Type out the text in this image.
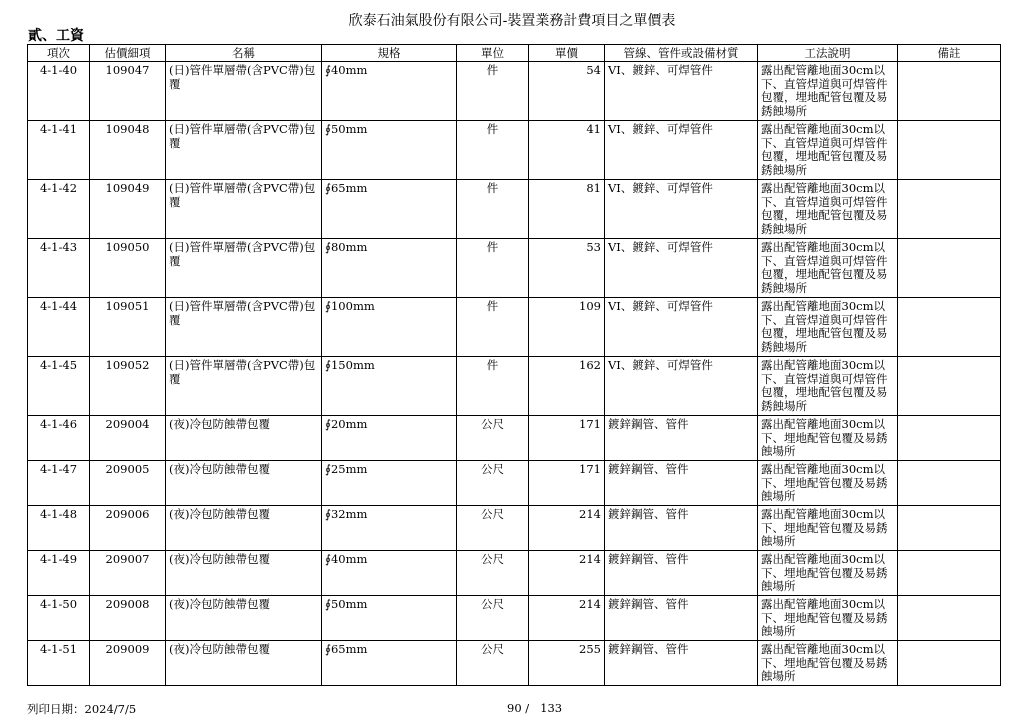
欣泰石油氣股份有限公司-裝置業務計費項目之單價表
貳、工資
項次	估價細項	名稱	規格	單位	單價	管線、管件或設備材質	工法說明	備註
4-1-40	109047	(日)管件單層帶(含PVC帶)包覆	∮40mm	件	54	VI、鍍鋅、可焊管件	露出配管離地面30cm以下、直管焊道與可焊管件包覆，埋地配管包覆及易銹蝕場所	
4-1-41	109048	(日)管件單層帶(含PVC帶)包覆	∮50mm	件	41	VI、鍍鋅、可焊管件	露出配管離地面30cm以下、直管焊道與可焊管件包覆，埋地配管包覆及易銹蝕場所	
4-1-42	109049	(日)管件單層帶(含PVC帶)包覆	∮65mm	件	81	VI、鍍鋅、可焊管件	露出配管離地面30cm以下、直管焊道與可焊管件包覆，埋地配管包覆及易銹蝕場所	
4-1-43	109050	(日)管件單層帶(含PVC帶)包覆	∮80mm	件	53	VI、鍍鋅、可焊管件	露出配管離地面30cm以下、直管焊道與可焊管件包覆，埋地配管包覆及易銹蝕場所	
4-1-44	109051	(日)管件單層帶(含PVC帶)包覆	∮100mm	件	109	VI、鍍鋅、可焊管件	露出配管離地面30cm以下、直管焊道與可焊管件包覆，埋地配管包覆及易銹蝕場所	
4-1-45	109052	(日)管件單層帶(含PVC帶)包覆	∮150mm	件	162	VI、鍍鋅、可焊管件	露出配管離地面30cm以下、直管焊道與可焊管件包覆，埋地配管包覆及易銹蝕場所	
4-1-46	209004	(夜)冷包防蝕帶包覆	∮20mm	公尺	171	鍍鋅鋼管、管件	露出配管離地面30cm以下、埋地配管包覆及易銹蝕場所	
4-1-47	209005	(夜)冷包防蝕帶包覆	∮25mm	公尺	171	鍍鋅鋼管、管件	露出配管離地面30cm以下、埋地配管包覆及易銹蝕場所	
4-1-48	209006	(夜)冷包防蝕帶包覆	∮32mm	公尺	214	鍍鋅鋼管、管件	露出配管離地面30cm以下、埋地配管包覆及易銹蝕場所	
4-1-49	209007	(夜)冷包防蝕帶包覆	∮40mm	公尺	214	鍍鋅鋼管、管件	露出配管離地面30cm以下、埋地配管包覆及易銹蝕場所	
4-1-50	209008	(夜)冷包防蝕帶包覆	∮50mm	公尺	214	鍍鋅鋼管、管件	露出配管離地面30cm以下、埋地配管包覆及易銹蝕場所	
4-1-51	209009	(夜)冷包防蝕帶包覆	∮65mm	公尺	255	鍍鋅鋼管、管件	露出配管離地面30cm以下、埋地配管包覆及易銹蝕場所	
列印日期：2024/7/5	90 /   133
